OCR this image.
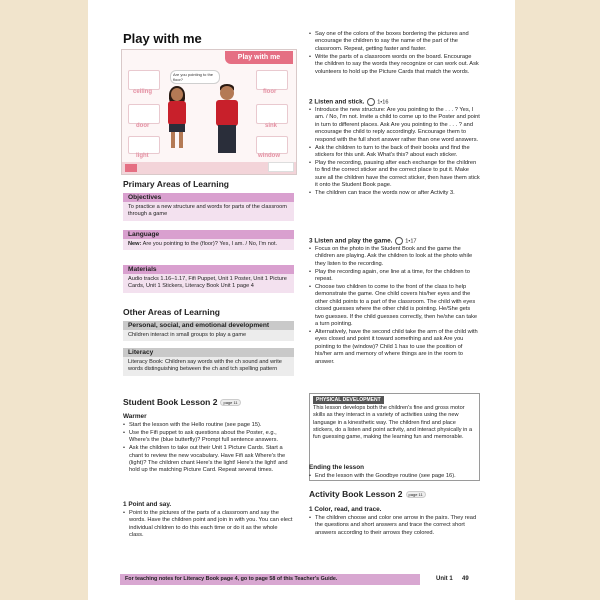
Play with me
Play with me
ceiling	floor
door	sink
light	window
Are you pointing to the floor?
Primary Areas of Learning
Objectives
To practice a new structure and words for parts of the classroom through a game
Language
New: Are you pointing to the (floor)? Yes, I am. / No, I'm not.
Materials
Audio tracks 1.16–1.17, Fifi Puppet, Unit 1 Poster, Unit 1 Picture Cards, Unit 1 Stickers, Literacy Book Unit 1 page 4
Other Areas of Learning
Personal, social, and emotional development
Children interact in small groups to play a game
Literacy
Literacy Book: Children say words with the ch sound and write words distinguishing between the ch and tch spelling pattern
Student Book Lesson 2 page 11
Warmer
• Start the lesson with the Hello routine (see page 15).
• Use the Fifi puppet to ask questions about the Poster, e.g., Where's the (blue butterfly)? Prompt full sentence answers.
• Ask the children to take out their Unit 1 Picture Cards. Start a chant to review the new vocabulary. Have Fifi ask Where's the (light)? The children chant Here's the light! Here's the light! and hold up the matching Picture Card. Repeat several times.
1 Point and say.
• Point to the pictures of the parts of a classroom and say the words. Have the children point and join in with you. You can elect individual children to do this each time or do it as the whole class.
• Say one of the colors of the boxes bordering the pictures and encourage the children to say the name of the part of the classroom. Repeat, getting faster and faster.
• Write the parts of a classroom words on the board. Encourage the children to say the words they recognize or can work out. Ask volunteers to hold up the Picture Cards that match the words.
2 Listen and stick. 1•16
• Introduce the new structure: Are you pointing to the . . . ? Yes, I am. / No, I'm not. Invite a child to come up to the Poster and point in turn to different places. Ask Are you pointing to the . . . ? and encourage the child to reply accordingly. Encourage them to respond with the full short answer rather than one word answers.
• Ask the children to turn to the back of their books and find the stickers for this unit. Ask What's this? about each sticker.
• Play the recording, pausing after each exchange for the children to find the correct sticker and the correct place to put it. Make sure all the children have the correct sticker, then have them stick it onto the Student Book page.
• The children can trace the words now or after Activity 3.
3 Listen and play the game. 1•17
• Focus on the photo in the Student Book and the game the children are playing. Ask the children to look at the photo while they listen to the recording.
• Play the recording again, one line at a time, for the children to repeat.
• Choose two children to come to the front of the class to help demonstrate the game. One child covers his/her eyes and the other child points to a part of the classroom. The child with eyes closed guesses where the other child is pointing. He/She gets two guesses. If the child guesses correctly, then he/she can take a turn pointing.
• Alternatively, have the second child take the arm of the child with eyes closed and point it toward something and ask Are you pointing to the (window)? Child 1 has to use the position of his/her arm and memory of where things are in the room to answer.
PHYSICAL DEVELOPMENT
This lesson develops both the children's fine and gross motor skills as they interact in a variety of activities using the new language in a kinesthetic way. The children find and place stickers, do a listen and point activity, and interact physically in a fun guessing game, making the learning fun and memorable.
Ending the lesson
• End the lesson with the Goodbye routine (see page 16).
Activity Book Lesson 2 page 11
1 Color, read, and trace.
• The children choose and color one arrow in the pairs. They read the questions and short answers and trace the correct short answers according to their arrows they colored.
For teaching notes for Literacy Book page 4, go to page 58 of this Teacher's Guide.	Unit 1 49
